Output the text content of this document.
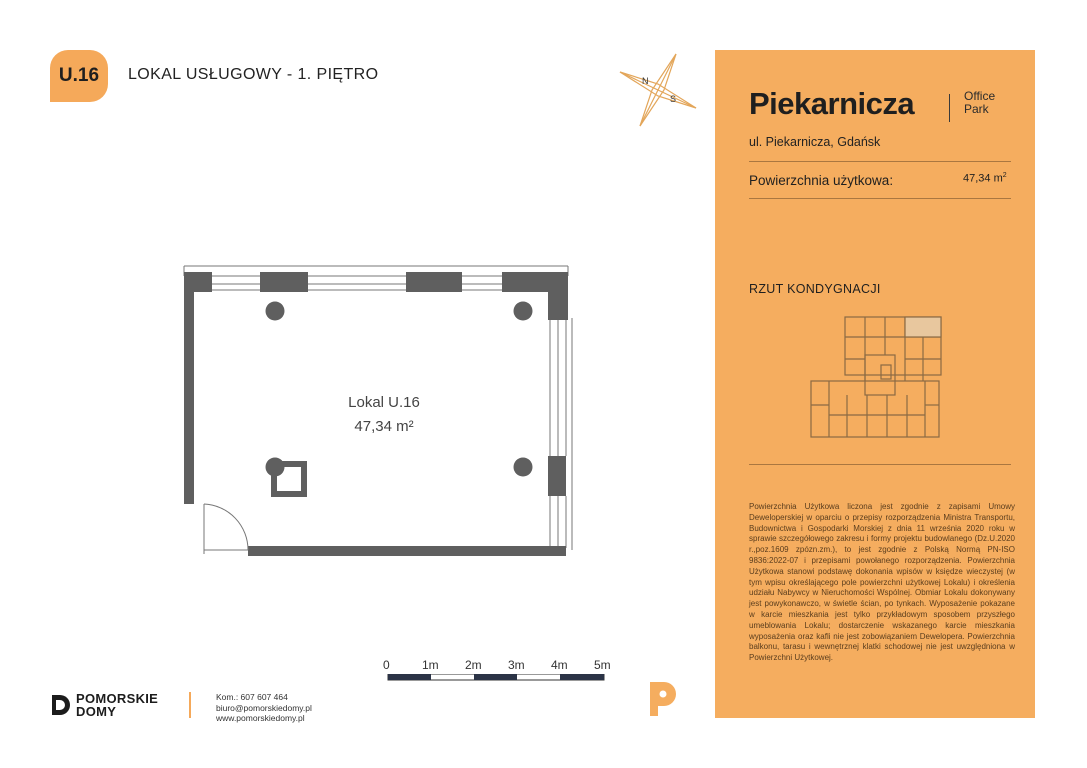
U.16 LOKAL USŁUGOWY - 1. PIĘTRO	N
S
Lokal U.16
47,34 m²
0	1m 2m 3m 4m 5m
POMORSKIE
DOMY
Kom.: 607 607 464
biuro@pomorskiedomy.pl
www.pomorskiedomy.pl
Piekarnicza	Office
Park
ul. Piekarnicza, Gdańsk
Powierzchnia użytkowa:	47,34 $m^2$
RZUT KONDYGNACJI
Powierzchnia Użytkowa liczona jest zgodnie z zapisami Umowy Deweloperskiej w oparciu o przepisy rozporządzenia Ministra Transportu, Budownictwa i Gospodarki Morskiej z dnia 11 września 2020 roku w sprawie szczegółowego zakresu i formy projektu budowlanego (Dz.U.2020 r.,poz.1609 zpózn.zm.), to jest zgodnie z Polską Normą PN-ISO 9836:2022-07 i przepisami powołanego rozporządzenia. Powierzchnia Użytkowa stanowi podstawę dokonania wpisów w księdze wieczystej (w tym wpisu określającego pole powierzchni użytkowej Lokalu) i określenia udziału Nabywcy w Nieruchomości Wspólnej. Obmiar Lokalu dokonywany jest powykonawczo, w świetle ścian, po tynkach. Wyposażenie pokazane w karcie mieszkania jest tylko przykładowym sposobem przyszłego umeblowania Lokalu; dostarczenie wskazanego karcie mieszkania wyposażenia oraz kafli nie jest zobowiązaniem Dewelopera. Powierzchnia balkonu, tarasu i wewnętrznej klatki schodowej nie jest uwzględniona w Powierzchni Użytkowej.
